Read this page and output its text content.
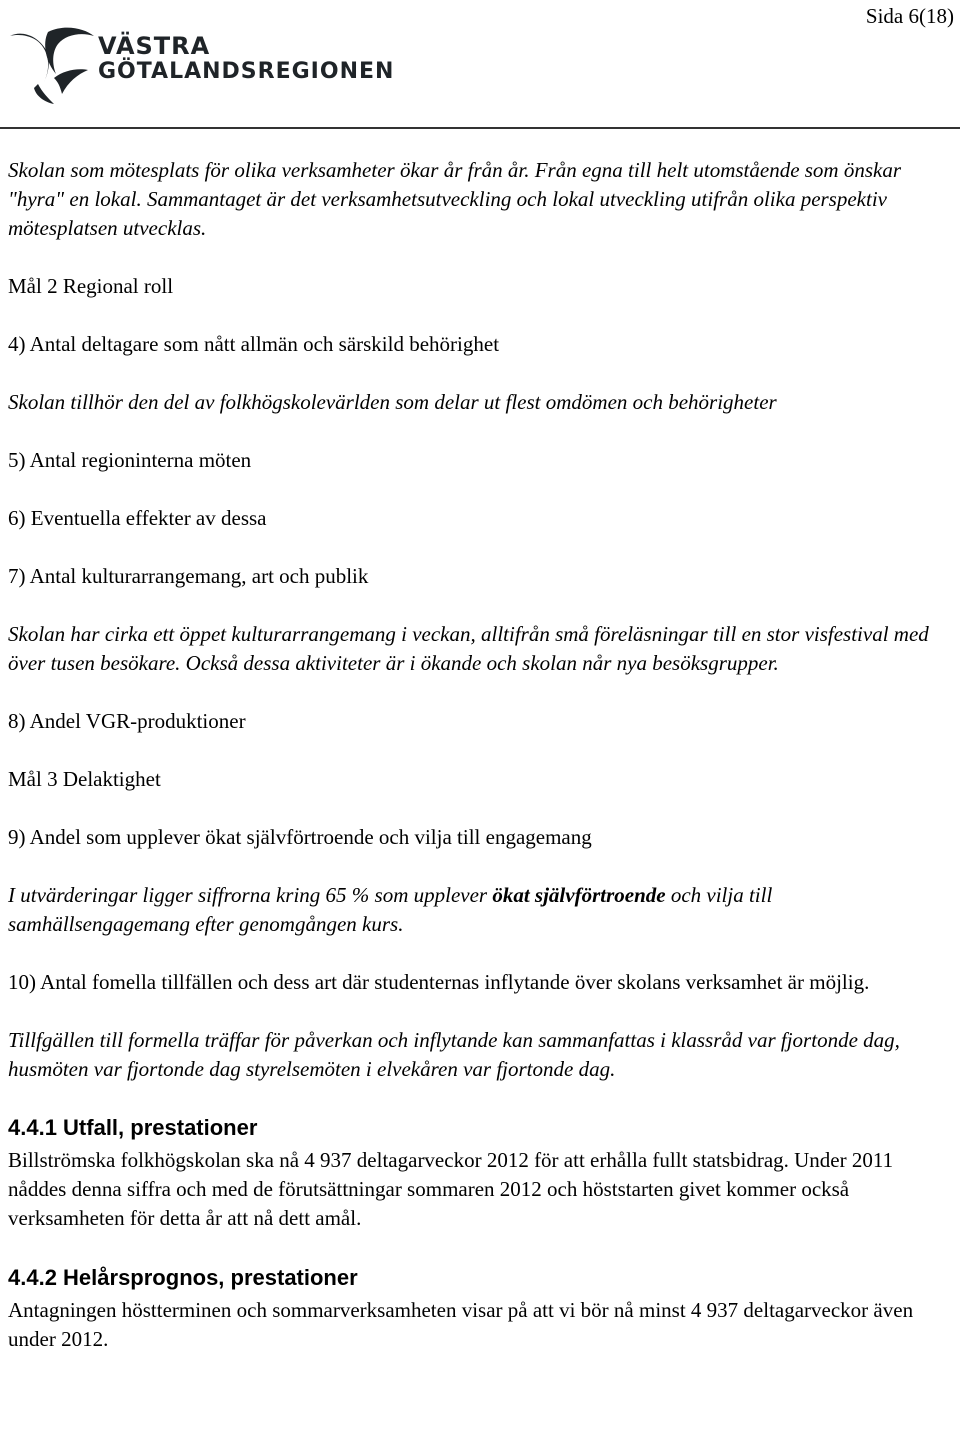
Sida 6(18)
VÄSTRA
GÖTALANDSREGIONEN

Skolan som mötesplats för olika verksamheter ökar år från år. Från egna till helt utomstående som önskar "hyra" en lokal. Sammantaget är det verksamhetsutveckling och lokal utveckling utifrån olika perspektiv mötesplatsen utvecklas.

Mål 2 Regional roll

4) Antal deltagare som nått allmän och särskild behörighet

Skolan tillhör den del av folkhögskolevärlden som delar ut flest omdömen och behörigheter

5) Antal regioninterna möten

6) Eventuella effekter av dessa

7) Antal kulturarrangemang, art och publik

Skolan har cirka ett öppet kulturarrangemang i veckan, alltifrån små föreläsningar till en stor visfestival med över tusen besökare. Också dessa aktiviteter är i ökande och skolan når nya besöksgrupper.

8) Andel VGR-produktioner

Mål 3 Delaktighet

9) Andel som upplever ökat självförtroende och vilja till engagemang

I utvärderingar ligger siffrorna kring 65 % som upplever ökat självförtroende och vilja till samhällsengagemang efter genomgången kurs.

10) Antal fomella tillfällen och dess art där studenternas inflytande över skolans verksamhet är möjlig.

Tillfgällen till formella träffar för påverkan och inflytande kan sammanfattas i klassråd var fjortonde dag, husmöten var fjortonde dag styrelsemöten i elvekåren var fjortonde dag.

4.4.1 Utfall, prestationer

Billströmska folkhögskolan ska nå 4 937 deltagarveckor 2012 för att erhålla fullt statsbidrag. Under 2011 nåddes denna siffra och med de förutsättningar sommaren 2012 och höststarten givet kommer också verksamheten för detta år att nå dett amål.

4.4.2 Helårsprognos, prestationer

Antagningen höstterminen och sommarverksamheten visar på att vi bör nå minst 4 937 deltagarveckor även under 2012.
